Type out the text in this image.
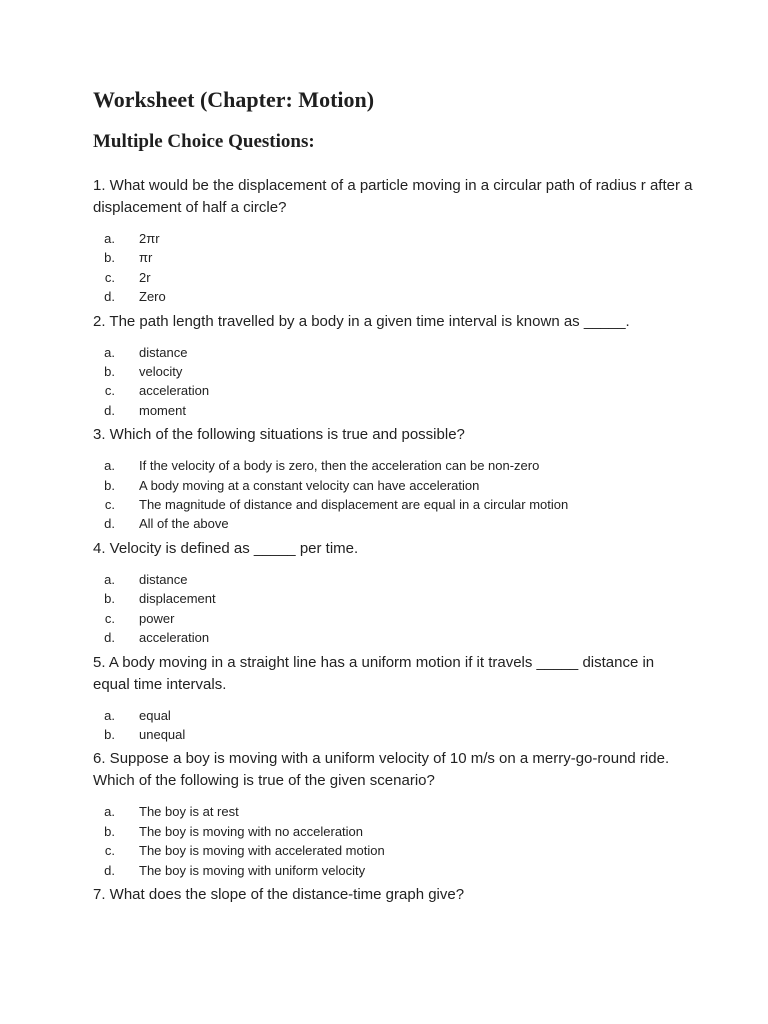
Worksheet (Chapter: Motion)
Multiple Choice Questions:

1. What would be the displacement of a particle moving in a circular path of radius r after a displacement of half a circle?

a.	2πr
b.	πr
c.	2r
d.	Zero

2. The path length travelled by a body in a given time interval is known as _____.

a.	distance
b.	velocity
c.	acceleration
d.	moment

3. Which of the following situations is true and possible?

a.	If the velocity of a body is zero, then the acceleration can be non-zero
b.	A body moving at a constant velocity can have acceleration
c.	The magnitude of distance and displacement are equal in a circular motion
d.	All of the above

4. Velocity is defined as _____ per time.

a.	distance
b.	displacement
c.	power
d.	acceleration

5. A body moving in a straight line has a uniform motion if it travels _____ distance in equal time intervals.

a.	equal
b.	unequal

6. Suppose a boy is moving with a uniform velocity of 10 m/s on a merry-go-round ride. Which of the following is true of the given scenario?

a.	The boy is at rest
b.	The boy is moving with no acceleration
c.	The boy is moving with accelerated motion
d.	The boy is moving with uniform velocity

7. What does the slope of the distance-time graph give?
